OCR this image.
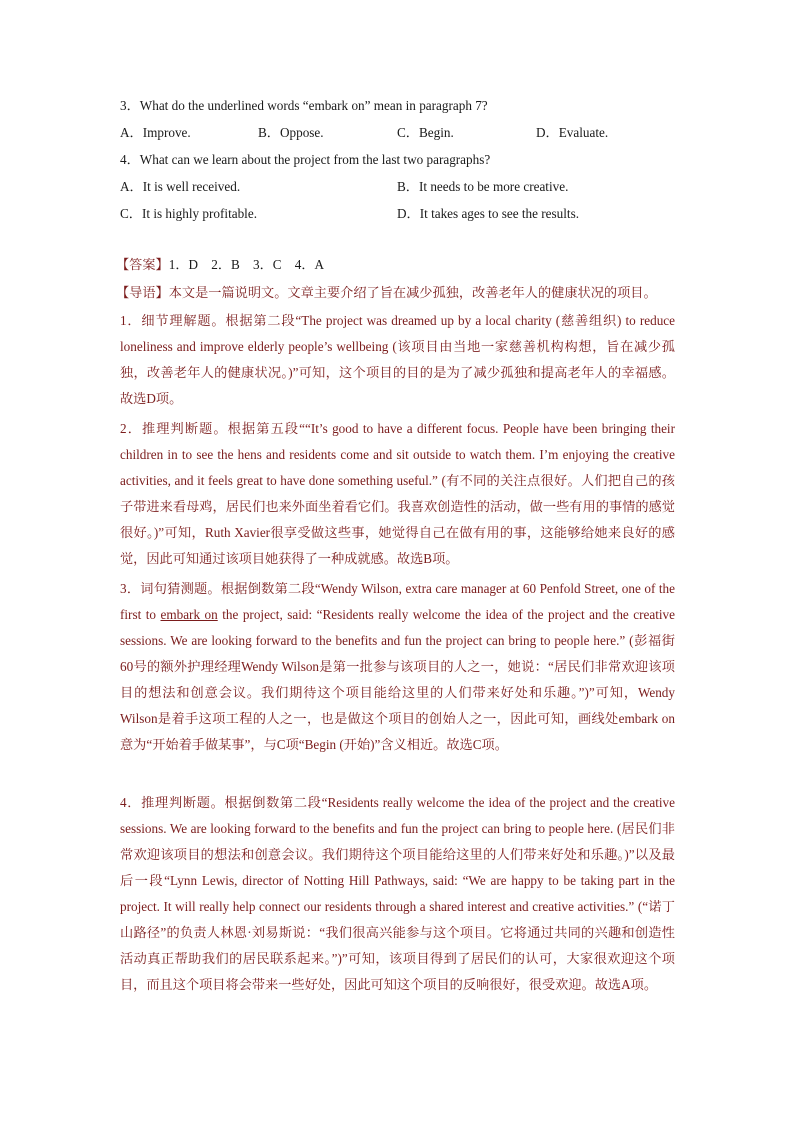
3．What do the underlined words “embark on” mean in paragraph 7?
A．Improve.	B．Oppose.	C．Begin.	D．Evaluate.
4．What can we learn about the project from the last two paragraphs?
A．It is well received.	B．It needs to be more creative.
C．It is highly profitable.	D．It takes ages to see the results.
【答案】1．D　2．B　3．C　4．A
【导语】本文是一篇说明文。文章主要介绍了旨在减少孤独，改善老年人的健康状况的项目。
1．细节理解题。根据第二段“The project was dreamed up by a local charity (慈善组织) to reduce loneliness and improve elderly people’s wellbeing (该项目由当地一家慈善机构构想，旨在减少孤独，改善老年人的健康状况。)”可知，这个项目的目的是为了减少孤独和提高老年人的幸福感。故选D项。
2．推理判断题。根据第五段““It’s good to have a different focus. People have been bringing their children in to see the hens and residents come and sit outside to watch them. I’m enjoying the creative activities, and it feels great to have done something useful.” (有不同的关注点很好。人们把自己的孩子带进来看母鸡，居民们也来外面坐着看它们。我喜欢创造性的活动，做一些有用的事情的感觉很好。)”可知，Ruth Xavier很享受做这些事，她觉得自己在做有用的事，这能够给她来良好的感觉，因此可知通过该项目她获得了一种成就感。故选B项。
3．词句猜测题。根据倒数第二段“Wendy Wilson, extra care manager at 60 Penfold Street, one of the first to embark on the project, said: “Residents really welcome the idea of the project and the creative sessions. We are looking forward to the benefits and fun the project can bring to people here.” (彭福街60号的额外护理经理Wendy Wilson是第一批参与该项目的人之一，她说：“居民们非常欢迎该项目的想法和创意会议。我们期待这个项目能给这里的人们带来好处和乐趣。”)”可知，Wendy Wilson是着手这项工程的人之一，也是做这个项目的创始人之一，因此可知，画线处embark on意为“开始着手做某事”，与C项“Begin (开始)”含义相近。故选C项。
4．推理判断题。根据倒数第二段“Residents really welcome the idea of the project and the creative sessions. We are looking forward to the benefits and fun the project can bring to people here. (居民们非常欢迎该项目的想法和创意会议。我们期待这个项目能给这里的人们带来好处和乐趣。)”以及最后一段“Lynn Lewis, director of Notting Hill Pathways, said: “We are happy to be taking part in the project. It will really help connect our residents through a shared interest and creative activities.” (“诺丁山路径”的负责人林恩·刘易斯说：“我们很高兴能参与这个项目。它将通过共同的兴趣和创造性活动真正帮助我们的居民联系起来。”)”可知，该项目得到了居民们的认可，大家很欢迎这个项目，而且这个项目将会带来一些好处，因此可知这个项目的反响很好，很受欢迎。故选A项。
